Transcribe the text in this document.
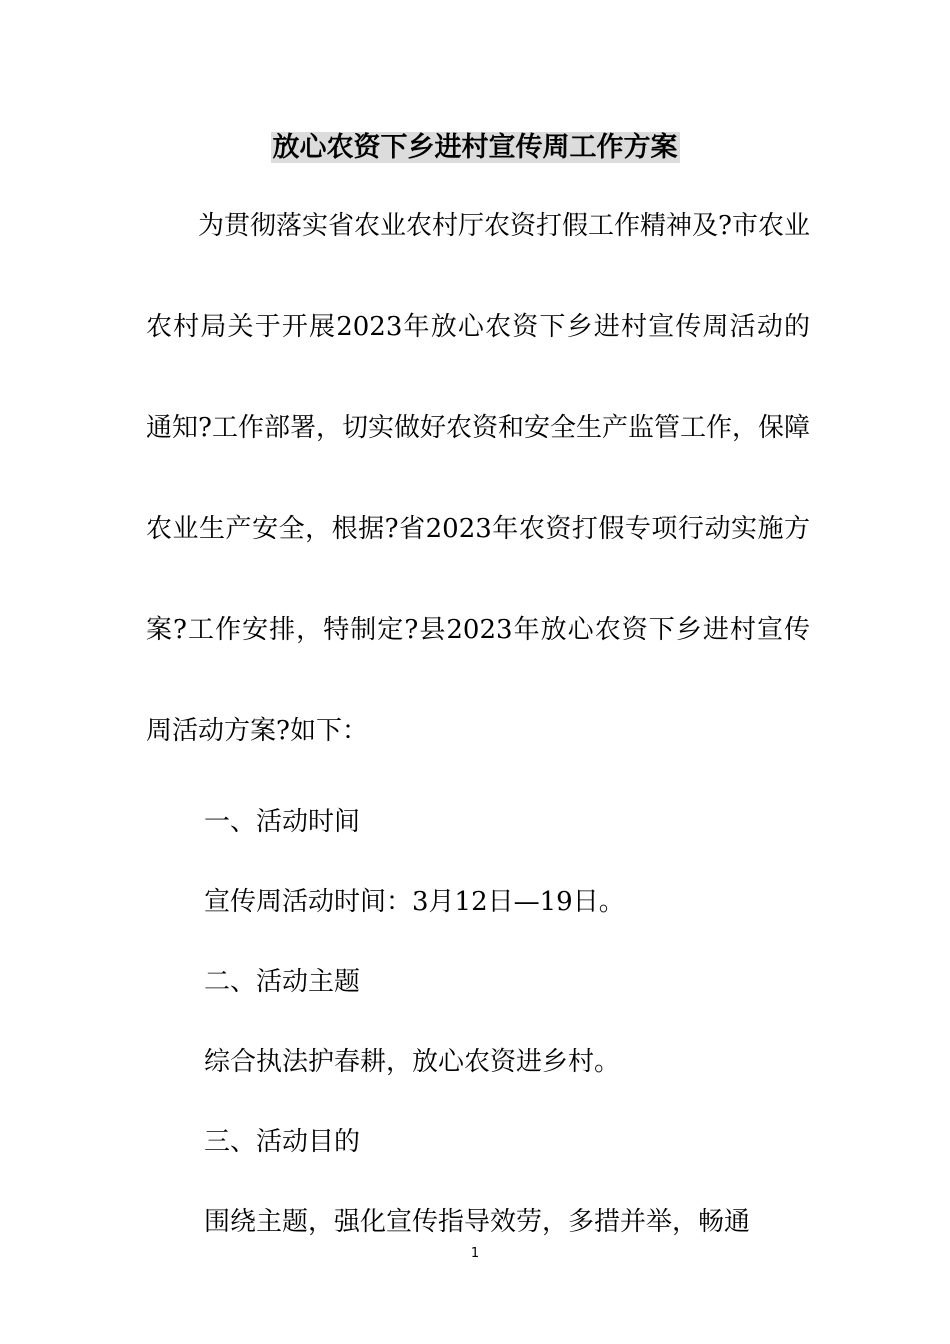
放心农资下乡进村宣传周工作方案

为贯彻落实省农业农村厅农资打假工作精神及?市农业农村局关于开展2023年放心农资下乡进村宣传周活动的通知?工作部署，切实做好农资和安全生产监管工作，保障农业生产安全，根据?省2023年农资打假专项行动实施方案?工作安排，特制定?县2023年放心农资下乡进村宣传周活动方案?如下：

一、活动时间

宣传周活动时间：3月12日—19日。

二、活动主题

综合执法护春耕，放心农资进乡村。

三、活动目的

围绕主题，强化宣传指导效劳，多措并举，畅通

1
